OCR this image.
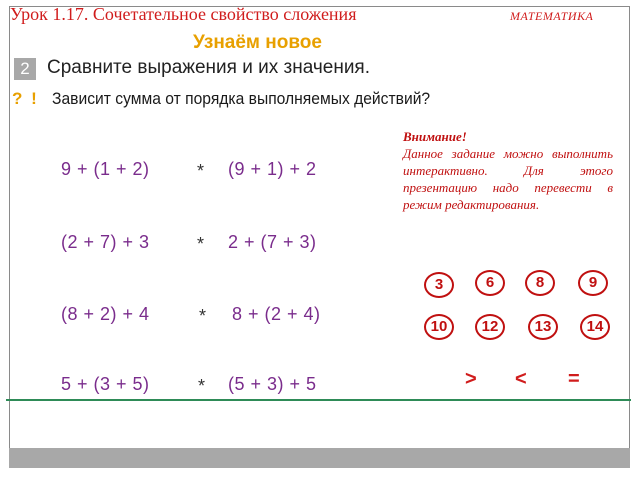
Урок 1.17. Сочетательное свойство сложения	МАТЕМАТИКА
Узнаём новое
2 Сравните выражения и их значения.
? ! Зависит сумма от порядка выполняемых действий?
Внимание!
Данное задание можно выполнить интерактивно. Для этого презентацию надо перевести в режим редактирования.
9 + (1 + 2)	* (9 + 1) + 2
(2 + 7) + 3	* 2 + (7 + 3)
(8 + 2) + 4	* 8 + (2 + 4)
5 + (3 + 5)	* (5 + 3) + 5
3	6	8	9
10	12	13	14
> < =
